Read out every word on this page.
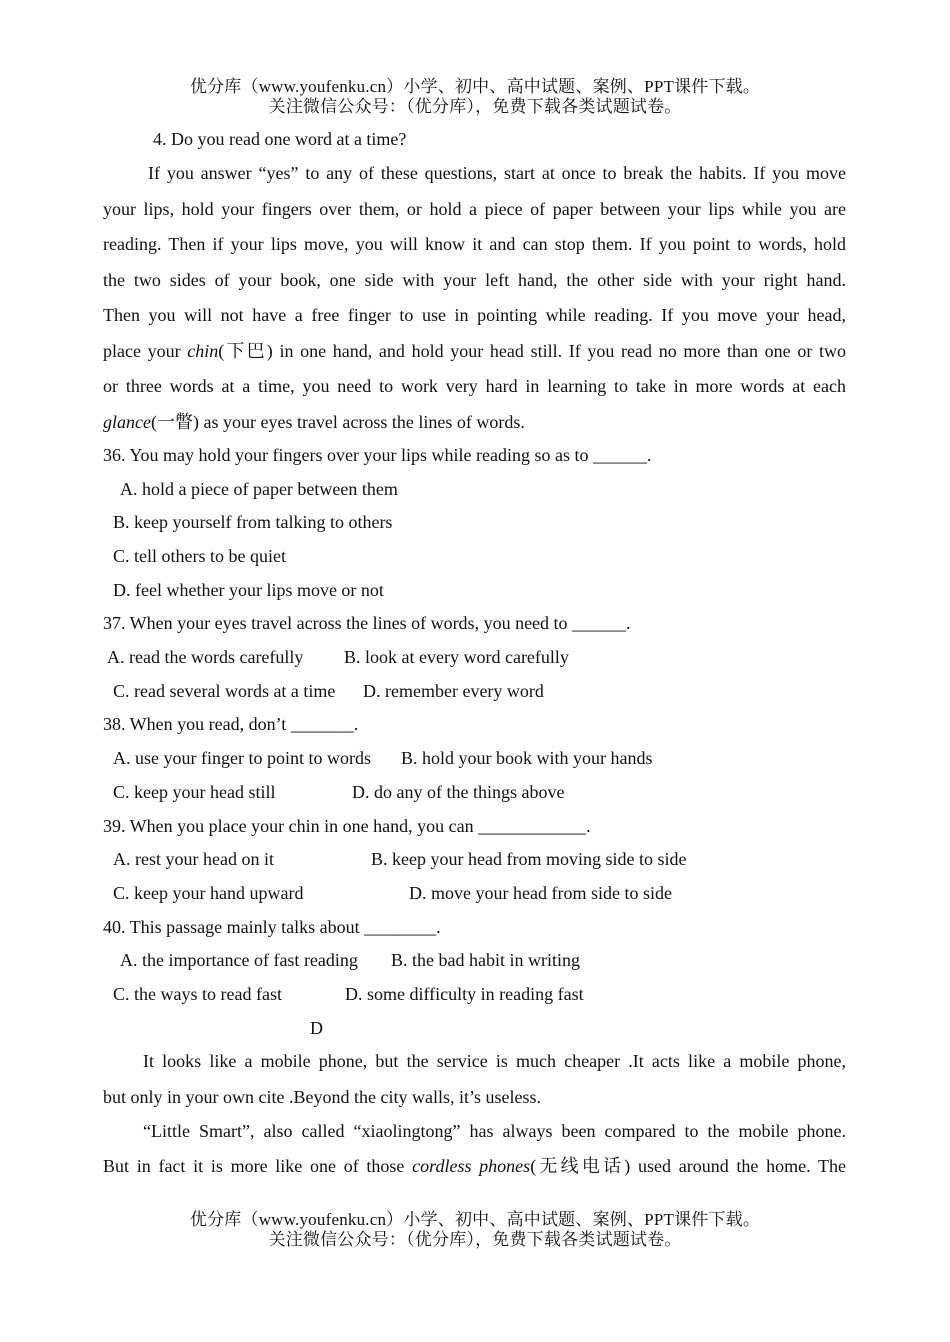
优分库（www.youfenku.cn）小学、初中、高中试题、案例、PPT课件下载。
关注微信公众号：（优分库），免费下载各类试题试卷。
4. Do you read one word at a time?
If you answer “yes” to any of these questions, start at once to break the habits. If you move
your lips, hold your fingers over them, or hold a piece of paper between your lips while you are
reading. Then if your lips move, you will know it and can stop them. If you point to words, hold
the two sides of your book, one side with your left hand, the other side with your right hand.
Then you will not have a free finger to use in pointing while reading. If you move your head,
place your chin(下巴) in one hand, and hold your head still. If you read no more than one or two
or three words at a time, you need to work very hard in learning to take in more words at each
glance(一瞥) as your eyes travel across the lines of words.
36. You may hold your fingers over your lips while reading so as to ______.
A. hold a piece of paper between them
B. keep yourself from talking to others
C. tell others to be quiet
D. feel whether your lips move or not
37. When your eyes travel across the lines of words, you need to ______.
A. read the words carefully B. look at every word carefully
C. read several words at a time D. remember every word
38. When you read, don’t _______.
A. use your finger to point to words B. hold your book with your hands
C. keep your head still	D. do any of the things above
39. When you place your chin in one hand, you can ____________.
A. rest your head on it	B. keep your head from moving side to side
C. keep your hand upward	D. move your head from side to side
40. This passage mainly talks about ________.
A. the importance of fast reading B. the bad habit in writing
C. the ways to read fast	D. some difficulty in reading fast
D
It looks like a mobile phone, but the service is much cheaper .It acts like a mobile phone,
but only in your own cite .Beyond the city walls, it’s useless.
“Little Smart”, also called “xiaolingtong” has always been compared to the mobile phone.
But in fact it is more like one of those cordless phones(无线电话) used around the home. The
优分库（www.youfenku.cn）小学、初中、高中试题、案例、PPT课件下载。
关注微信公众号：（优分库），免费下载各类试题试卷。
